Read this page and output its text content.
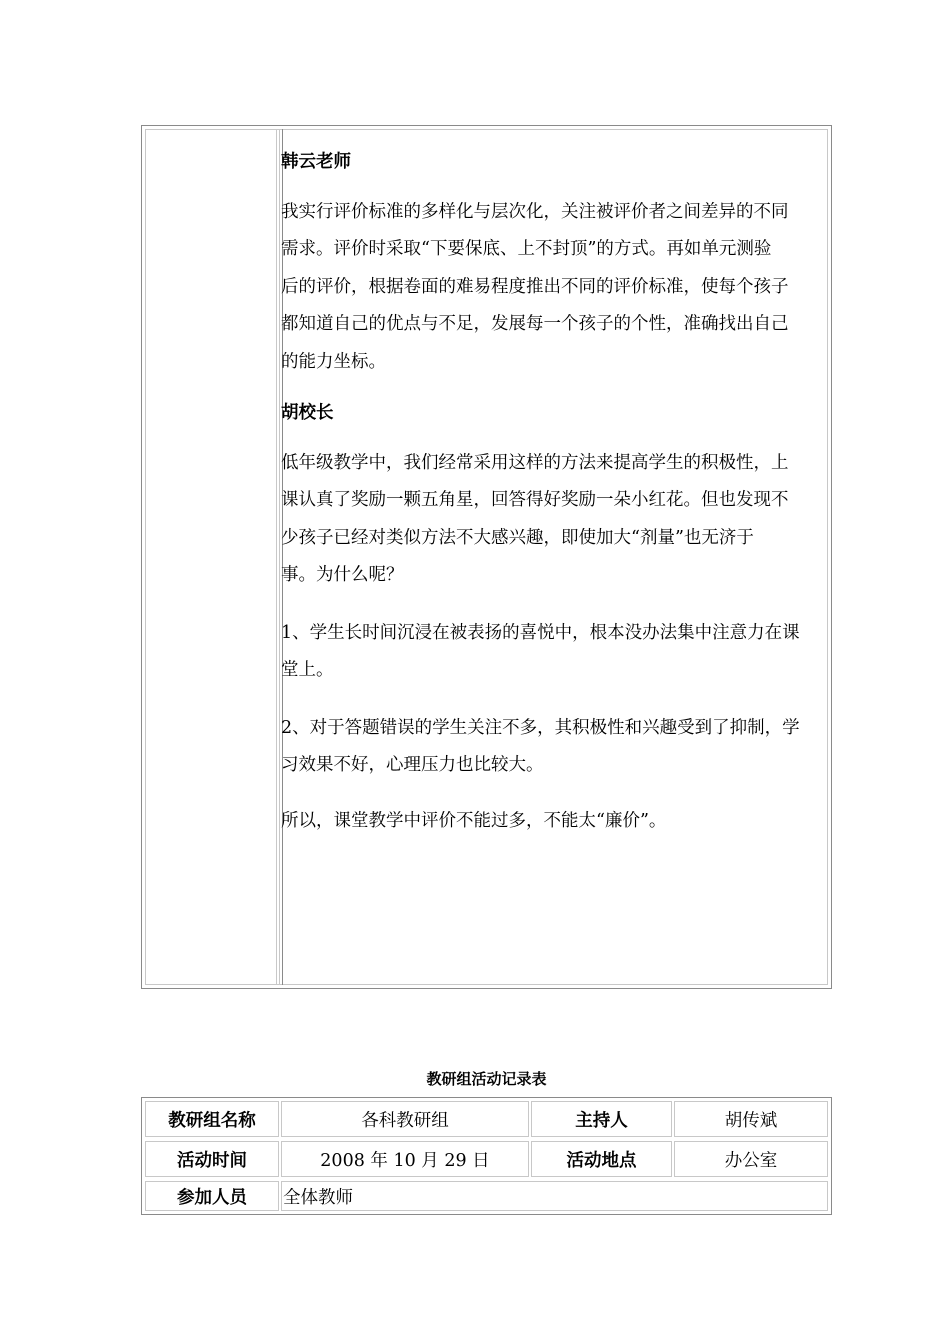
韩云老师

我实行评价标准的多样化与层次化，关注被评价者之间差异的不同

需求。评价时采取“下要保底、上不封顶”的方式。再如单元测验

后的评价，根据卷面的难易程度推出不同的评价标准，使每个孩子

都知道自己的优点与不足，发展每一个孩子的个性，准确找出自己

的能力坐标。

胡校长

低年级教学中，我们经常采用这样的方法来提高学生的积极性，上

课认真了奖励一颗五角星，回答得好奖励一朵小红花。但也发现不

少孩子已经对类似方法不大感兴趣，即使加大“剂量”也无济于

事。为什么呢？

1、学生长时间沉浸在被表扬的喜悦中，根本没办法集中注意力在课

堂上。

2、对于答题错误的学生关注不多，其积极性和兴趣受到了抑制，学

习效果不好，心理压力也比较大。

所以，课堂教学中评价不能过多，不能太“廉价”。

教研组活动记录表
教研组名称	各科教研组	主持人	胡传斌
活动时间	2008 年 10 月 29 日	活动地点	办公室
参加人员	全体教师
